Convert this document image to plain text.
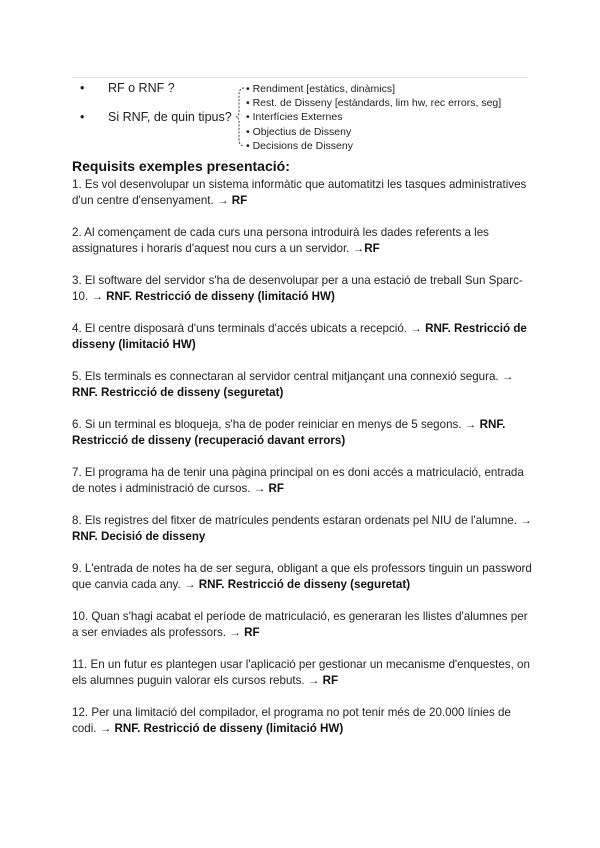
• RF o RNF ?
• Si RNF, de quin tipus?
• Rendiment [estàtics, dinàmics]
• Rest. de Disseny [estàndards, lim hw, rec errors, seg]
• Interfícies Externes
• Objectius de Disseny
• Decisions de Disseny
Requisits exemples presentació:
1. Es vol desenvolupar un sistema informàtic que automatitzi les tasques administratives d'un centre d'ensenyament. → RF
2. Al començament de cada curs una persona introduirà les dades referents a les assignatures i horaris d'aquest nou curs a un servidor. →RF
3. El software del servidor s'ha de desenvolupar per a una estació de treball Sun Sparc-10. → RNF. Restricció de disseny (limitació HW)
4. El centre disposarà d'uns terminals d'accés ubicats a recepció. → RNF. Restricció de disseny (limitació HW)
5. Els terminals es connectaran al servidor central mitjançant una connexió segura. → RNF. Restricció de disseny (seguretat)
6. Si un terminal es bloqueja, s'ha de poder reiniciar en menys de 5 segons. → RNF. Restricció de disseny (recuperació davant errors)
7. El programa ha de tenir una pàgina principal on es doni accés a matriculació, entrada de notes i administració de cursos. → RF
8. Els registres del fitxer de matrícules pendents estaran ordenats pel NIU de l'alumne. → RNF. Decisió de disseny
9. L'entrada de notes ha de ser segura, obligant a que els professors tinguin un password que canvia cada any. → RNF. Restricció de disseny (seguretat)
10. Quan s'hagi acabat el període de matriculació, es generaran les llistes d'alumnes per a ser enviades als professors. → RF
11. En un futur es plantegen usar l'aplicació per gestionar un mecanisme d'enquestes, on els alumnes puguin valorar els cursos rebuts. → RF
12. Per una limitació del compilador, el programa no pot tenir més de 20.000 línies de codi. → RNF. Restricció de disseny (limitació HW)
